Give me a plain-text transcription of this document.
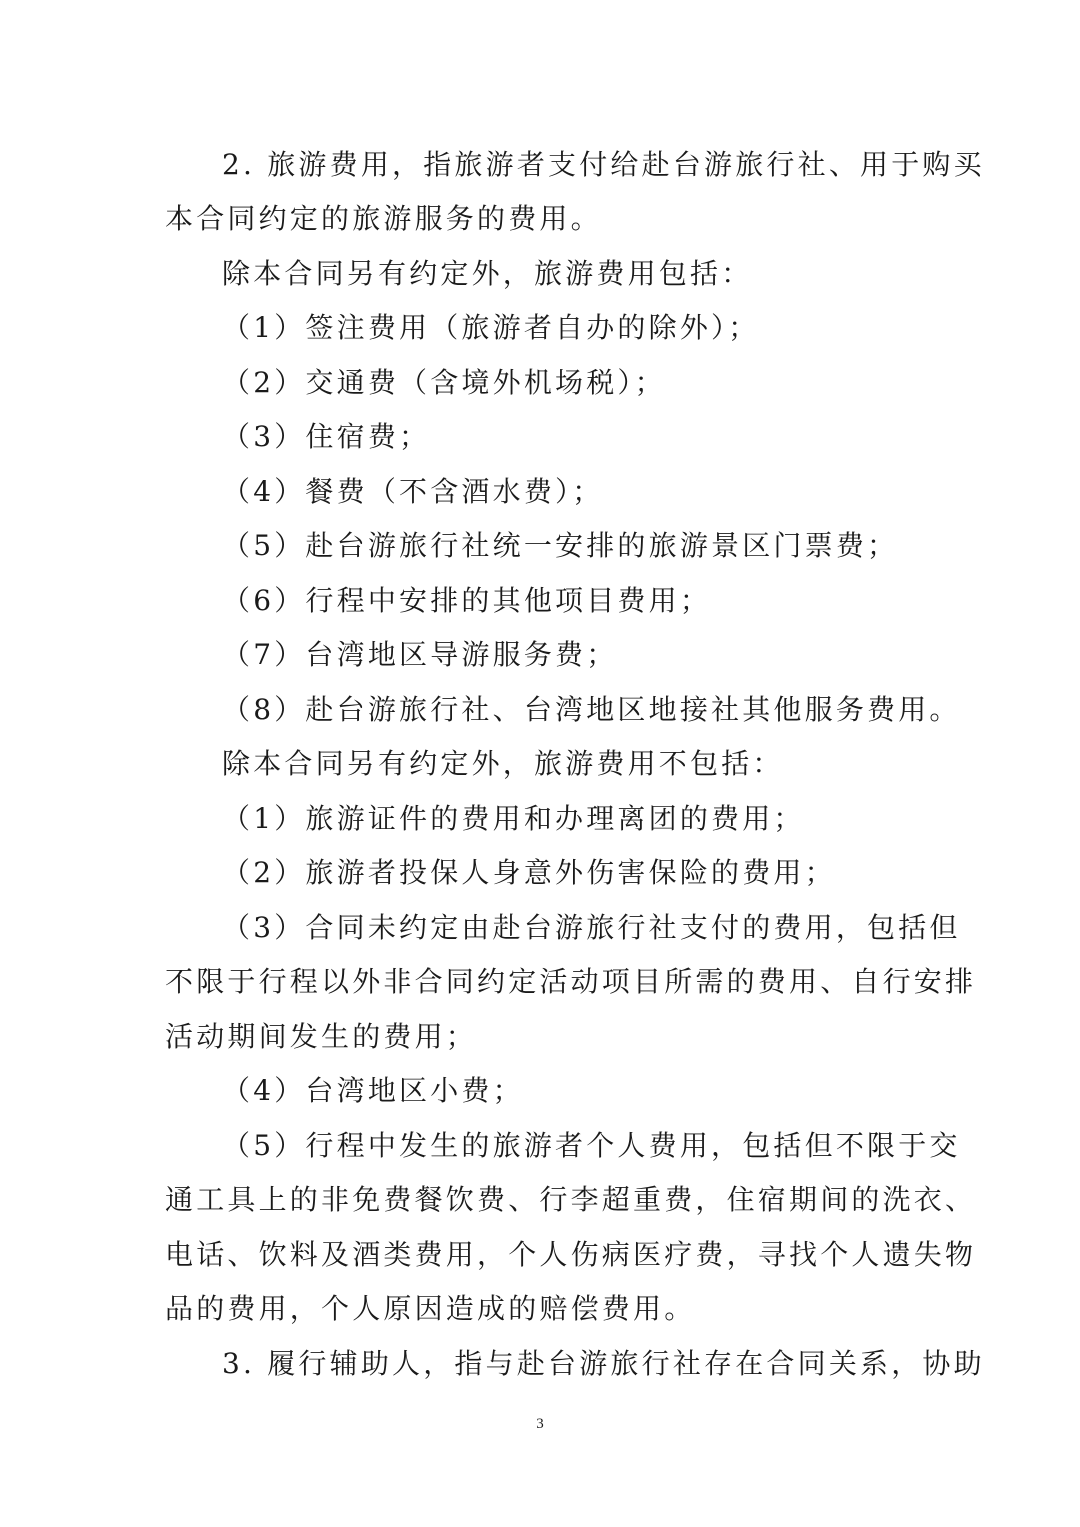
2. 旅游费用，指旅游者支付给赴台游旅行社、用于购买
本合同约定的旅游服务的费用。
除本合同另有约定外，旅游费用包括：
（1）签注费用（旅游者自办的除外）；
（2）交通费（含境外机场税）；
（3）住宿费；
（4）餐费（不含酒水费）；
（5）赴台游旅行社统一安排的旅游景区门票费；
（6）行程中安排的其他项目费用；
（7）台湾地区导游服务费；
（8）赴台游旅行社、台湾地区地接社其他服务费用。
除本合同另有约定外，旅游费用不包括：
（1）旅游证件的费用和办理离团的费用；
（2）旅游者投保人身意外伤害保险的费用；
（3）合同未约定由赴台游旅行社支付的费用，包括但
不限于行程以外非合同约定活动项目所需的费用、自行安排
活动期间发生的费用；
（4）台湾地区小费；
（5）行程中发生的旅游者个人费用，包括但不限于交
通工具上的非免费餐饮费、行李超重费，住宿期间的洗衣、
电话、饮料及酒类费用，个人伤病医疗费，寻找个人遗失物
品的费用，个人原因造成的赔偿费用。
3. 履行辅助人，指与赴台游旅行社存在合同关系，协助
3
